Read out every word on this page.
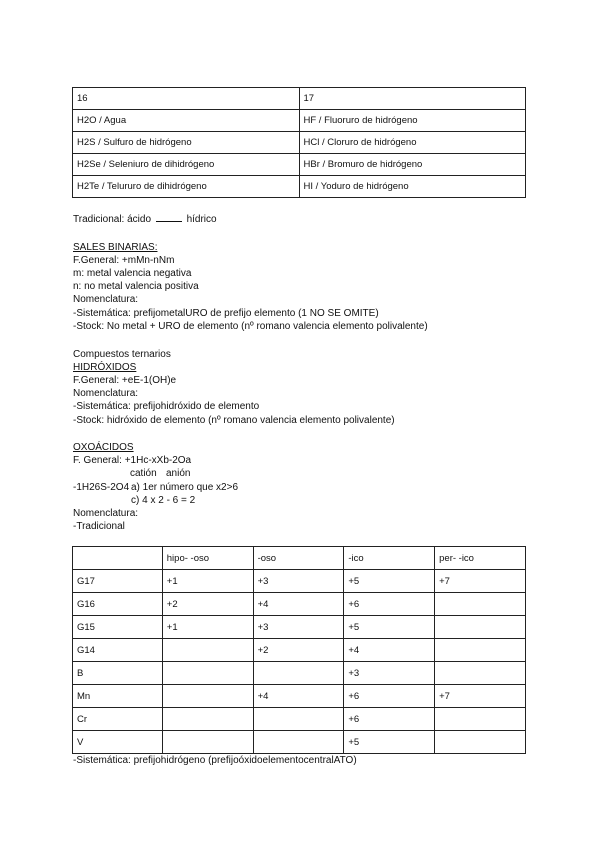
16	17
H2O / Agua	HF / Fluoruro de hidrógeno
H2S / Sulfuro de hidrógeno	HCl / Cloruro de hidrógeno
H2Se / Seleniuro de dihidrógeno	HBr / Bromuro de hidrógeno
H2Te / Telururo de dihidrógeno	HI / Yoduro de hidrógeno
Tradicional: ácido	hídrico
SALES BINARIAS:
F.General: +mMn-nNm
m: metal valencia negativa
n: no metal valencia positiva
Nomenclatura:
-Sistemática: prefijometalURO de prefijo elemento (1 NO SE OMITE)
-Stock: No metal + URO de elemento (nº romano valencia elemento polivalente)
Compuestos ternarios
HIDRÓXIDOS
F.General: +eE-1(OH)e
Nomenclatura:
-Sistemática: prefijohidróxido de elemento
-Stock: hidróxido de elemento (nº romano valencia elemento polivalente)
OXOÁCIDOS
F. General: +1Hc-xXb-2Oa
catión anión
-1H26S-2O4 a) 1er número que x2>6
c) 4 x 2 - 6 = 2
Nomenclatura:
-Tradicional
	hipo- -oso	-oso	-ico	per- -ico
G17	+1	+3	+5	+7
G16	+2	+4	+6	
G15	+1	+3	+5	
G14		+2	+4	
B			+3	
Mn		+4	+6	+7
Cr			+6	
V			+5	
-Sistemática: prefijohidrógeno (prefijoóxidoelementocentralATO)
